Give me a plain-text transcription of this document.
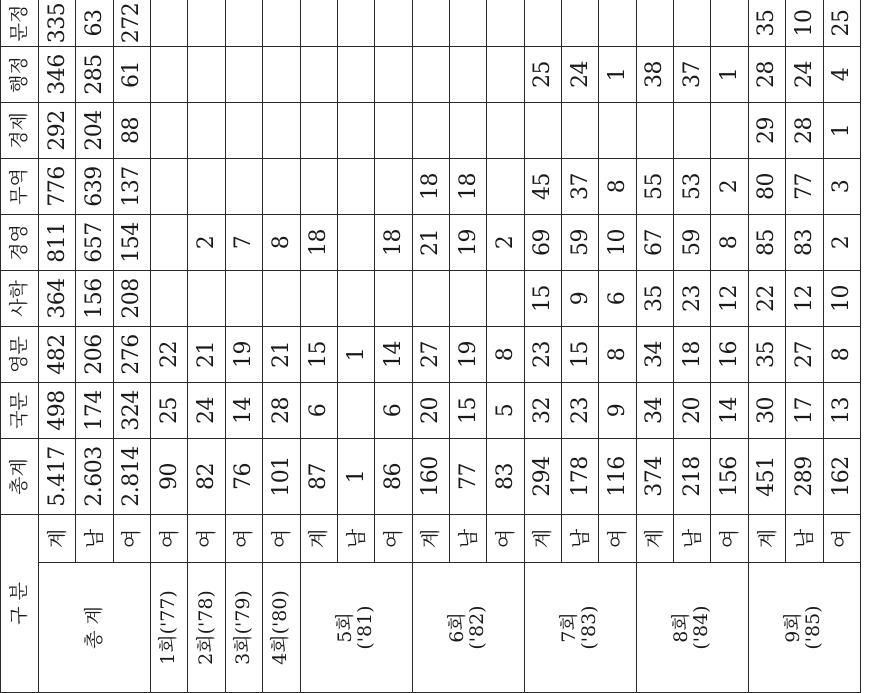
구 분		총계	국문	영문	사학	경영	무역	경제	행정	문정
총 계	계	5.417	498	482	364	811	776	292	346	335
	남	2.603	174	206	156	657	639	204	285	63
	여	2.814	324	276	208	154	137	88	61	272
1회('77)	여	90	25	22						
2회('78)	여	82	24	21		2				
3회('79)	여	76	14	19		7				
4회('80)	여	101	28	21		8				

5회
('81)	계	87	6	15		18				
	남	1		1						
	여	86	6	14		18				

6회
('82)	계	160	20	27		21	18			
	남	77	15	19		19	18			
	여	83	5	8		2				

7회
('83)	계	294	32	23	15	69	45		25	
	남	178	23	15	9	59	37		24	
	여	116	9	8	6	10	8		1	

8회
('84)	계	374	34	34	35	67	55		38	
	남	218	20	18	23	59	53		37	
	여	156	14	16	12	8	2		1	

9회
('85)	계	451	30	35	22	85	80	29	28	35
	남	289	17	27	12	83	77	28	24	10
	여	162	13	8	10	2	3	1	4	25
